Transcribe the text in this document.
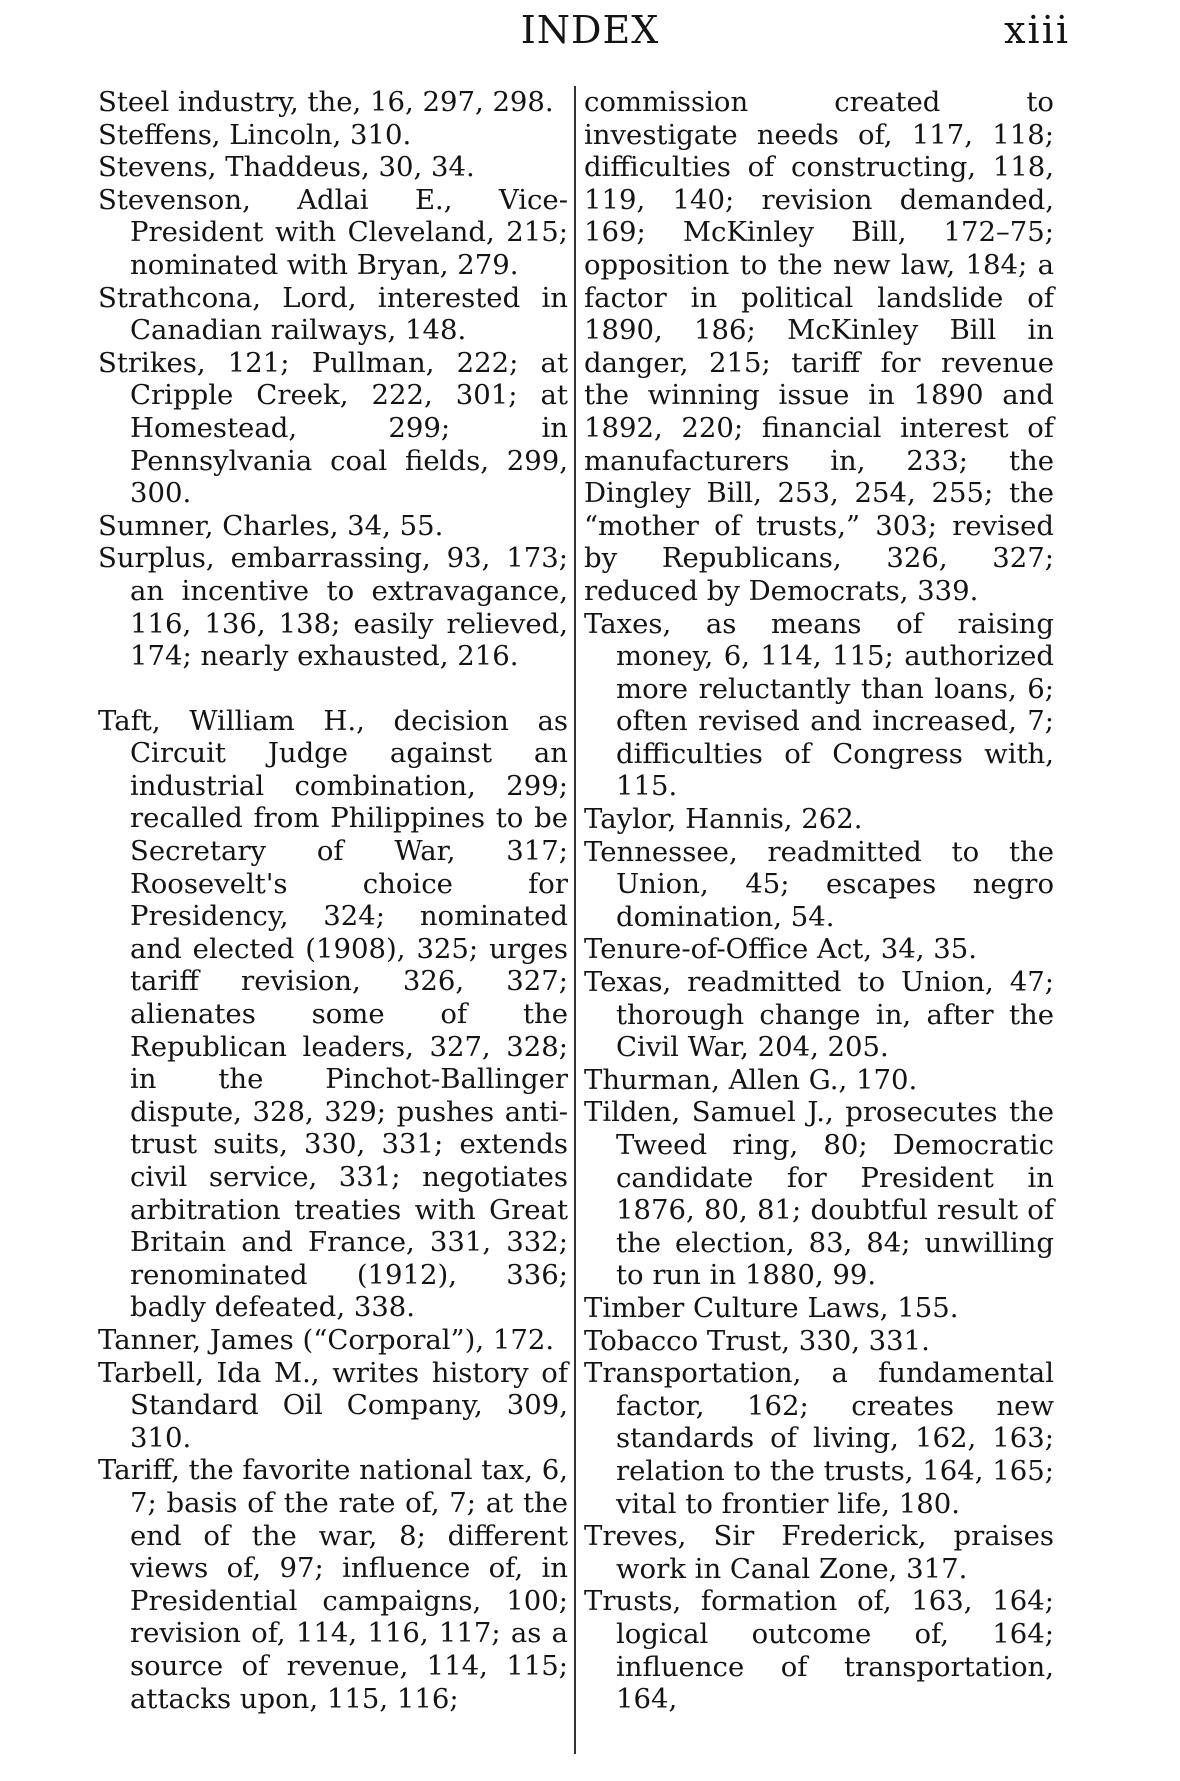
INDEX	xiii

Steel industry, the, 16, 297, 298.

Steffens, Lincoln, 310.

Stevens, Thaddeus, 30, 34.

Stevenson, Adlai E., Vice-President with Cleveland, 215; nominated with Bryan, 279.

Strathcona, Lord, interested in Canadian railways, 148.

Strikes, 121; Pullman, 222; at Cripple Creek, 222, 301; at Homestead, 299; in Pennsylvania coal fields, 299, 300.

Sumner, Charles, 34, 55.

Surplus, embarrassing, 93, 173; an incentive to extravagance, 116, 136, 138; easily relieved, 174; nearly exhausted, 216.

Taft, William H., decision as Circuit Judge against an industrial combination, 299; recalled from Philippines to be Secretary of War, 317; Roosevelt's choice for Presidency, 324; nominated and elected (1908), 325; urges tariff revision, 326, 327; alienates some of the Republican leaders, 327, 328; in the Pinchot-Ballinger dispute, 328, 329; pushes anti-trust suits, 330, 331; extends civil service, 331; negotiates arbitration treaties with Great Britain and France, 331, 332; renominated (1912), 336; badly defeated, 338.

Tanner, James (“Corporal”), 172.

Tarbell, Ida M., writes history of Standard Oil Company, 309, 310.

Tariff, the favorite national tax, 6, 7; basis of the rate of, 7; at the end of the war, 8; different views of, 97; influence of, in Presidential campaigns, 100; revision of, 114, 116, 117; as a source of revenue, 114, 115; attacks upon, 115, 116;

commission created to investigate needs of, 117, 118; difficulties of constructing, 118, 119, 140; revision demanded, 169; McKinley Bill, 172–75; opposition to the new law, 184; a factor in political landslide of 1890, 186; McKinley Bill in danger, 215; tariff for revenue the winning issue in 1890 and 1892, 220; financial interest of manufacturers in, 233; the Dingley Bill, 253, 254, 255; the “mother of trusts,” 303; revised by Republicans, 326, 327; reduced by Democrats, 339.

Taxes, as means of raising money, 6, 114, 115; authorized more reluctantly than loans, 6; often revised and increased, 7; difficulties of Congress with, 115.

Taylor, Hannis, 262.

Tennessee, readmitted to the Union, 45; escapes negro domination, 54.

Tenure-of-Office Act, 34, 35.

Texas, readmitted to Union, 47; thorough change in, after the Civil War, 204, 205.

Thurman, Allen G., 170.

Tilden, Samuel J., prosecutes the Tweed ring, 80; Democratic candidate for President in 1876, 80, 81; doubtful result of the election, 83, 84; unwilling to run in 1880, 99.

Timber Culture Laws, 155.

Tobacco Trust, 330, 331.

Transportation, a fundamental factor, 162; creates new standards of living, 162, 163; relation to the trusts, 164, 165; vital to frontier life, 180.

Treves, Sir Frederick, praises work in Canal Zone, 317.

Trusts, formation of, 163, 164; logical outcome of, 164; influence of transportation, 164,
